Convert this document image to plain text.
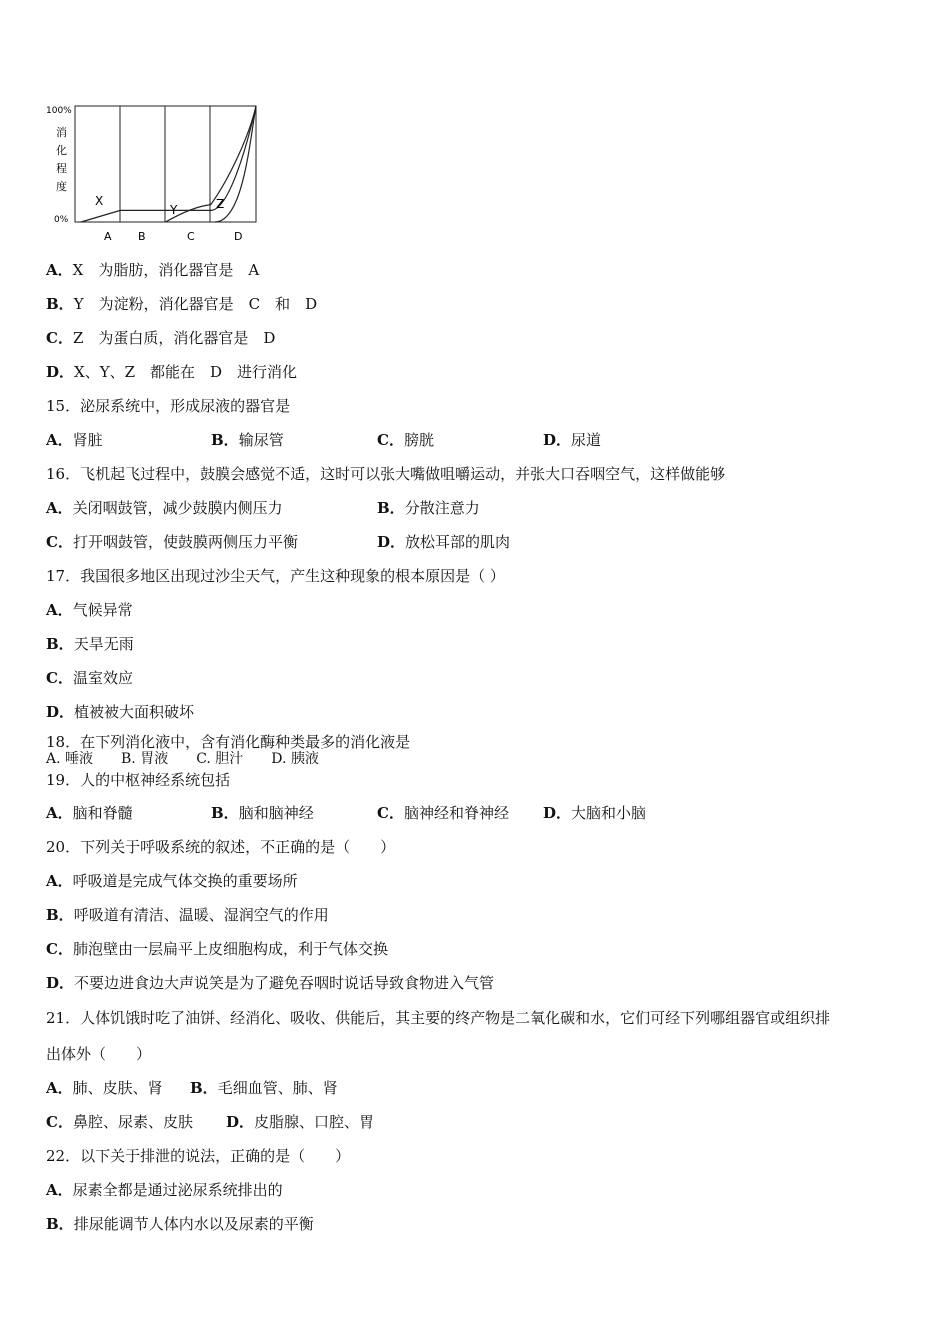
100%
0%
消
化
程
度
A B	C	D
X
Y	Z
A．X　为脂肪，消化器官是　A
B．Y　为淀粉，消化器官是　C　和　D
C．Z　为蛋白质，消化器官是　D
D．X、Y、Z　都能在　D　进行消化
15．泌尿系统中，形成尿液的器官是
A．肾脏	B．输尿管	C．膀胱	D．尿道
16．飞机起飞过程中，鼓膜会感觉不适，这时可以张大嘴做咀嚼运动，并张大口吞咽空气，这样做能够
A．关闭咽鼓管，减少鼓膜内侧压力	B．分散注意力
C．打开咽鼓管，使鼓膜两侧压力平衡	D．放松耳部的肌肉
17．我国很多地区出现过沙尘天气，产生这种现象的根本原因是（ ）
A．气候异常
B．天旱无雨
C．温室效应
D．植被被大面积破坏
18．在下列消化液中，含有消化酶种类最多的消化液是
A. 唾液　　B. 胃液　　C. 胆汁　　D. 胰液
19．人的中枢神经系统包括
A．脑和脊髓	B．脑和脑神经	C．脑神经和脊神经 D．大脑和小脑
20．下列关于呼吸系统的叙述，不正确的是（　　）
A．呼吸道是完成气体交换的重要场所
B．呼吸道有清洁、温暖、湿润空气的作用
C．肺泡壁由一层扁平上皮细胞构成，利于气体交换
D．不要边进食边大声说笑是为了避免吞咽时说话导致食物进入气管
21．人体饥饿时吃了油饼、经消化、吸收、供能后，其主要的终产物是二氧化碳和水，它们可经下列哪组器官或组织排
出体外（　　）
A．肺、皮肤、肾 B．毛细血管、肺、肾
C．鼻腔、尿素、皮肤 D．皮脂腺、口腔、胃
22．以下关于排泄的说法，正确的是（　　）
A．尿素全都是通过泌尿系统排出的
B．排尿能调节人体内水以及尿素的平衡
